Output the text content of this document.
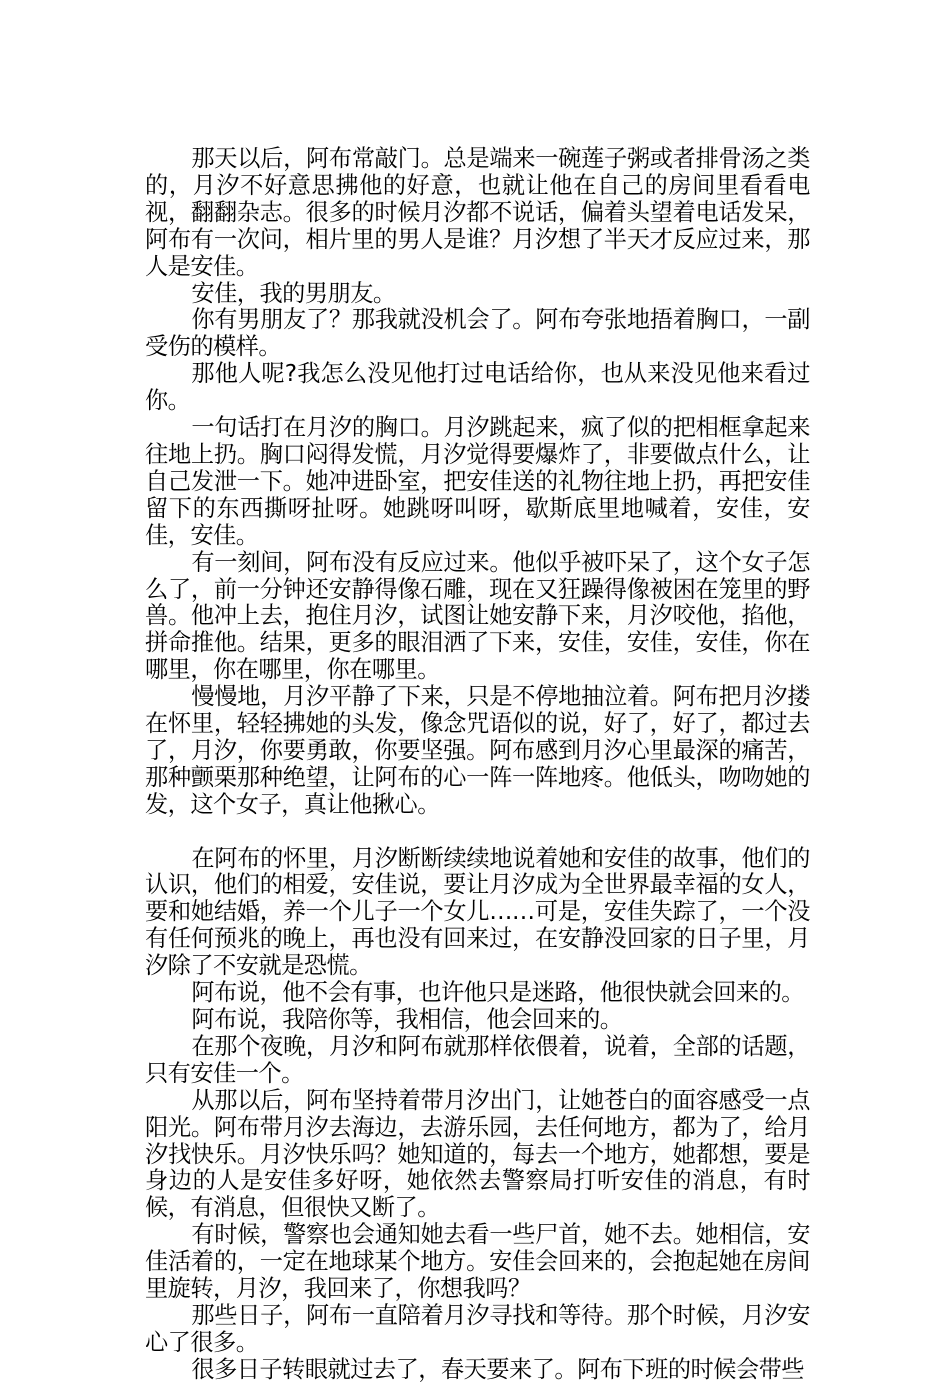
那天以后，阿布常敲门。总是端来一碗莲子粥或者排骨汤之类的，月汐不好意思拂他的好意，也就让他在自己的房间里看看电视，翻翻杂志。很多的时候月汐都不说话，偏着头望着电话发呆，阿布有一次问，相片里的男人是谁？月汐想了半天才反应过来，那人是安佳。

安佳，我的男朋友。

你有男朋友了？那我就没机会了。阿布夸张地捂着胸口，一副受伤的模样。

那他人呢?我怎么没见他打过电话给你，也从来没见他来看过你。

一句话打在月汐的胸口。月汐跳起来，疯了似的把相框拿起来往地上扔。胸口闷得发慌，月汐觉得要爆炸了，非要做点什么，让自己发泄一下。她冲进卧室，把安佳送的礼物往地上扔，再把安佳留下的东西撕呀扯呀。她跳呀叫呀，歇斯底里地喊着，安佳，安佳，安佳。

有一刻间，阿布没有反应过来。他似乎被吓呆了，这个女子怎么了，前一分钟还安静得像石雕，现在又狂躁得像被困在笼里的野兽。他冲上去，抱住月汐，试图让她安静下来，月汐咬他，掐他，拼命推他。结果，更多的眼泪洒了下来，安佳，安佳，安佳，你在哪里，你在哪里，你在哪里。

慢慢地，月汐平静了下来，只是不停地抽泣着。阿布把月汐搂在怀里，轻轻拂她的头发，像念咒语似的说，好了，好了，都过去了，月汐，你要勇敢，你要坚强。阿布感到月汐心里最深的痛苦，那种颤栗那种绝望，让阿布的心一阵一阵地疼。他低头，吻吻她的发，这个女子，真让他揪心。

在阿布的怀里，月汐断断续续地说着她和安佳的故事，他们的认识，他们的相爱，安佳说，要让月汐成为全世界最幸福的女人，要和她结婚，养一个儿子一个女儿……可是，安佳失踪了，一个没有任何预兆的晚上，再也没有回来过，在安静没回家的日子里，月汐除了不安就是恐慌。

阿布说，他不会有事，也许他只是迷路，他很快就会回来的。

阿布说，我陪你等，我相信，他会回来的。

在那个夜晚，月汐和阿布就那样依偎着，说着，全部的话题，只有安佳一个。

从那以后，阿布坚持着带月汐出门，让她苍白的面容感受一点阳光。阿布带月汐去海边，去游乐园，去任何地方，都为了，给月汐找快乐。月汐快乐吗？她知道的，每去一个地方，她都想，要是身边的人是安佳多好呀，她依然去警察局打听安佳的消息，有时候，有消息，但很快又断了。

有时候，警察也会通知她去看一些尸首，她不去。她相信，安佳活着的，一定在地球某个地方。安佳会回来的，会抱起她在房间里旋转，月汐，我回来了，你想我吗？

那些日子，阿布一直陪着月汐寻找和等待。那个时候，月汐安心了很多。

很多日子转眼就过去了，春天要来了。阿布下班的时候会带些
